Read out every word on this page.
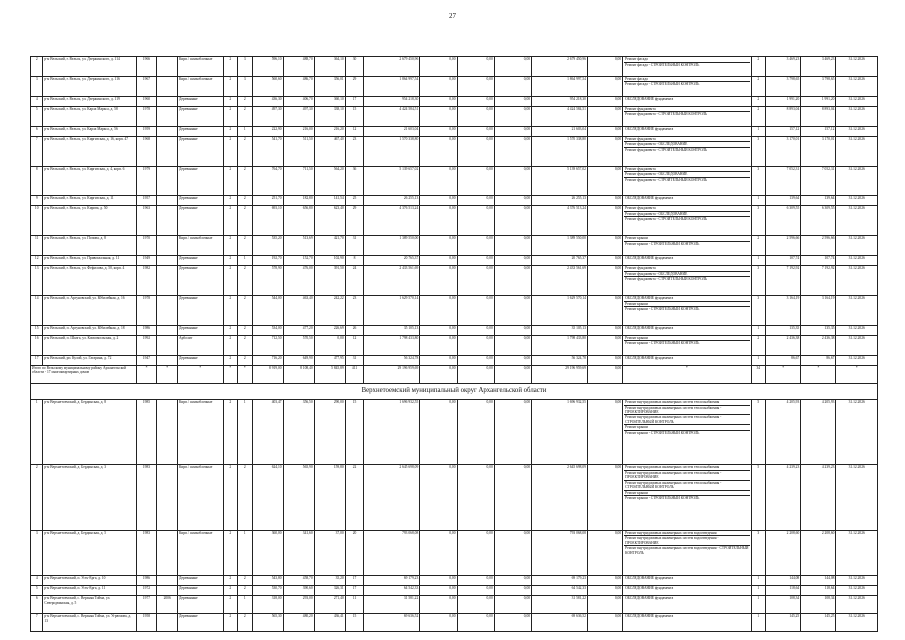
27
2	р-н Вельский, г. Вельск, ул. Дзержинского, д. 114	1966		Кирп./ шлакоблочные	2	3	596,10	488,70	364,10	30	2 679 450,96	0,00	0,00	0,00	2 679 450,96	0,00	Ремонт фасада
Ремонт фасада - СТРОИТЕЛЬНЫЙ КОНТРОЛЬ	2	3 469,23	3 469,23	31.12.2026
3	р-н Вельский, г. Вельск, ул. Дзержинского, д. 116	1967		Кирп./ шлакоблочные	2	3	560,60	486,70	356,01	29	1 864 997,54	0,00	0,00	0,00	1 864 997,54	0,00	Ремонт фасада
Ремонт фасада - СТРОИТЕЛЬНЫЙ КОНТРОЛЬ	2	3 798,65	3 798,65	31.12.2026
4	р-н Вельский, г. Вельск, ул. Дзержинского, д. 119	1960		Деревянные	2	2	436,30	406,70	360,10	17	954 218,30	0,00	0,00	0,00	954 218,30	0,00	ОБСЛЕДОВАНИЕ фундамента	2	1 991,20	1 991,20	31.12.2026
5	р-н Вельский, г. Вельск, ул. Карла Маркса, д. 58	1978		Деревянные	2	2	497,30	497,30	338,10	15	4 424 584,51	0,00	0,00	0,00	4 424 584,51	0,00	Ремонт фундамента
Ремонт фундамента - СТРОИТЕЛЬНЫЙ КОНТРОЛЬ	2	8 893,04	8 893,04	31.12.2026
6	р-н Вельский, г. Вельск, ул. Карла Маркса, д. 56	1959		Деревянные	2	1	222,90	216,00	216,20	12	21 603,04	0,00	0,00	0,00	21 603,04	0,00	ОБСЛЕДОВАНИЕ фундамента	1	157,12	157,12	31.12.2026
7	р-н Вельский, г. Вельск, ул. Киргизская, д. 16, корп. 47	1968		Деревянные	2	2	541,70	511,50	467,40	23	1 570 338,80	0,00	0,00	0,00	1 570 338,80	0,00	Ремонт фундамента
Ремонт фундамента - ОБСЛЕДОВАНИЕ
Ремонт фундамента - СТРОИТЕЛЬНЫЙ КОНТРОЛЬ	3	3 170,01	3 170,01	31.12.2026
8	р-н Вельский, г. Вельск, ул. Киргизская, д. 4, корп. 6	1979		Деревянные	2	2	764,70	711,50	564,20	36	5 139 657,02	0,00	0,00	0,00	5 139 657,02	0,00	Ремонт фундамента
Ремонт фундамента - ОБСЛЕДОВАНИЕ
Ремонт фундамента - СТРОИТЕЛЬНЫЙ КОНТРОЛЬ	3	7 052,31	7 052,31	31.12.2026
9	р-н Вельский, г. Вельск, ул. Киргизская, д. 11	1957		Деревянные	2	2	251,70	182,80	141,54	25	26 255,13	0,00	0,00	0,00	26 255,13	0,00	ОБСЛЕДОВАНИЕ фундамента	1	139,64	139,64	31.12.2026
10	р-н Вельский, г. Вельск, ул. Кирова, д. 50	1963		Деревянные	2	2	693,10	656,80	623,40	29	4 376 513,24	0,00	0,00	0,00	4 376 513,24	0,00	Ремонт фундамента
Ремонт фундамента - ОБСЛЕДОВАНИЕ
Ремонт фундамента - СТРОИТЕЛЬНЫЙ КОНТРОЛЬ	3	6 309,55	6 309,55	31.12.2026
11	р-н Вельский, г. Вельск, ул. Попова, д. 8	1970		Кирп./ шлакоблочные	2	2	535,20	513,69	421,70	31	1 389 550,00	0,00	0,00	0,00	1 389 550,00	0,00	Ремонт крыши
Ремонт крыши - СТРОИТЕЛЬНЫЙ КОНТРОЛЬ	2	2 596,66	2 596,66	31.12.2026
12	р-н Вельский, г. Вельск, ул. Привокзальная, д. 11	1949		Деревянные	2	1	192,70	152,70	102,90	8	20 765,37	0,00	0,00	0,00	20 765,37	0,00	ОБСЛЕДОВАНИЕ фундамента	1	107,74	107,74	31.12.2026
13	р-н Вельский, г. Вельск, ул. Фефилова, д. 50, корп. 4	1982		Деревянные	2	2	578,90	476,00	391,50	24	2 433 561,69	0,00	0,00	0,00	2 433 561,69	0,00	Ремонт фундамента
Ремонт фундамента - ОБСЛЕДОВАНИЕ
Ремонт фундамента - СТРОИТЕЛЬНЫЙ КОНТРОЛЬ	3	7 192,92	7 192,92	31.12.2026
14	р-н Вельский, п. Аргуновский, ул. Юбилейная, д. 16	1978		Деревянные	2	2	544,00	463,40	242,22	23	1 629 570,14	0,00	0,00	0,00	1 629 570,14	0,00	ОБСЛЕДОВАНИЕ фундамента
Ремонт крыши
Ремонт крыши - СТРОИТЕЛЬНЫЙ КОНТРОЛЬ	3	3 164,19	3 164,19	31.12.2026
15	р-н Вельский, п. Аргуновский, ул. Юбилейная, д. 18	1986		Деревянные	2	2	534,00	477,20	226,69	26	35 105,13	0,00	0,00	0,00	35 105,13	0,00	ОБСЛЕДОВАНИЕ фундамента	1	135,35	135,35	31.12.2026
16	р-н Вельский, п. Шалга, ул. Комсомольская, д. 2	1992		Арболит	2	2	712,50	570,50	0,00	12	1 798 433,80	0,00	0,00	0,00	1 798 433,80	0,00	Ремонт крыши
Ремонт крыши - СТРОИТЕЛЬНЫЙ КОНТРОЛЬ	2	2 436,38	2 436,38	31.12.2026
17	р-н Вельский, рп. Кулой, ул. Гагарина, д. 72	1947		Деревянные	2	2	716,20	649,90	477,95	31	56 324,78	0,00	0,00	0,00	56 324,78	0,00	ОБСЛЕДОВАНИЕ фундамента	1	86,67	86,67	31.12.2026
Итого по Вельскому муниципальному району Архангельской области - 17 многоквартирных домов		*	*	*	*	*	8 919,00	8 108,40	5 845,89	411	29 196 959,69	0,00	0,00	0,00	29 196 959,69	0,00	*	34	*	*	*
Верхнетоемский муниципальный округ Архангельской области																					
1	р-н Верхнетоемский, д. Бердинская, д. 8	1985		Кирп./ шлакоблочные	2	1	403,47	356,50	290,00	15	1 696 932,55	0,00	0,00	0,00	1 696 932,55	0,00	Ремонт внутридомовых инженерных систем теплоснабжения
Ремонт внутридомовых инженерных систем теплоснабжения - ПРОЕКТИРОВАНИЕ
Ремонт внутридомовых инженерных систем теплоснабжения - СТРОИТЕЛЬНЫЙ КОНТРОЛЬ
Ремонт крыши
Ремонт крыши - СТРОИТЕЛЬНЫЙ КОНТРОЛЬ	5	4 205,93	4 205,93	31.12.2026
2	р-н Верхнетоемский, д. Бердинская, д. 3	1983		Кирп./ шлакоблочные	2	2	624,10	565,90	159,80	22	2 645 698,09	0,00	0,00	0,00	2 645 698,09	0,00	Ремонт внутридомовых инженерных систем теплоснабжения
Ремонт внутридомовых инженерных систем теплоснабжения - ПРОЕКТИРОВАНИЕ
Ремонт внутридомовых инженерных систем теплоснабжения - СТРОИТЕЛЬНЫЙ КОНТРОЛЬ
Ремонт крыши
Ремонт крыши - СТРОИТЕЛЬНЫЙ КОНТРОЛЬ	5	4 239,23	4 239,23	31.12.2026
3	р-н Верхнетоемский, д. Бердинская, д. 5	1983		Кирп./ шлакоблочные	2	1	360,00	341,60	37,00	20	793 068,08	0,00	0,00	0,00	793 068,08	0,00	Ремонт внутридомовых инженерных систем водоотведения
Ремонт внутридомовых инженерных систем водоотведения - ПРОЕКТИРОВАНИЕ
Ремонт внутридомовых инженерных систем водоотведения - СТРОИТЕЛЬНЫЙ КОНТРОЛЬ	3	2 208,60	2 208,60	31.12.2026
4	р-н Верхнетоемский, п. Усть-Ерга, д. 10	1986		Деревянные	2	2	543,80	458,70	35,20	17	69 179,23	0,00	0,00	0,00	69 179,23	0,00	ОБСЛЕДОВАНИЕ фундамента	1	144,08	144,08	31.12.2026
5	р-н Верхнетоемский, п. Усть-Ерга, д. 11	1972		Деревянные	2	2	530,70	390,60	326,31	17	64 542,33	0,00	0,00	0,00	64 542,33	0,00	ОБСЛЕДОВАНИЕ фундамента	1	118,64	118,64	31.12.2026
6	р-н Верхнетоемский, с. Верхняя Тойма, ул. Северодвинская, д. 5	1977	2006	Деревянные	2	1	318,00	293,00	271,40	11	31 581,22	0,00	0,00	0,00	31 581,22	0,00	ОБСЛЕДОВАНИЕ фундамента	1	108,34	108,34	31.12.2026
7	р-н Верхнетоемский, с. Верхняя Тойма, ул. Угрюмова, д. 13	1958		Деревянные	2	2	565,30	480,20	436,41	15	69 636,52	0,00	0,00	0,00	69 636,52	0,00	ОБСЛЕДОВАНИЕ фундамента	1	145,25	145,25	31.12.2026
